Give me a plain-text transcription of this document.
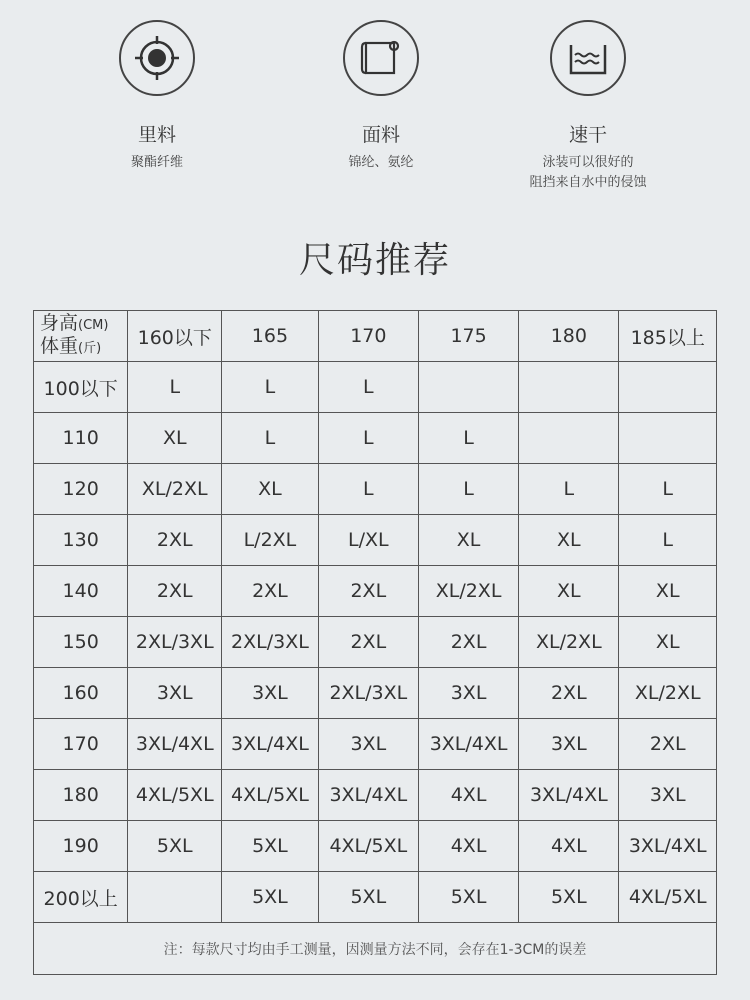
里料
聚酯纤维
面料
锦纶、氨纶
速干
泳装可以很好的
阻挡来自水中的侵蚀
尺码推荐
身高(CM)
体重(斤)	160以下	165	170	175	180	185以上
100以下	L	L	L			
110	XL	L	L	L		
120	XL/2XL	XL	L	L	L	L
130	2XL	L/2XL	L/XL	XL	XL	L
140	2XL	2XL	2XL	XL/2XL	XL	XL
150	2XL/3XL	2XL/3XL	2XL	2XL	XL/2XL	XL
160	3XL	3XL	2XL/3XL	3XL	2XL	XL/2XL
170	3XL/4XL	3XL/4XL	3XL	3XL/4XL	3XL	2XL
180	4XL/5XL	4XL/5XL	3XL/4XL	4XL	3XL/4XL	3XL
190	5XL	5XL	4XL/5XL	4XL	4XL	3XL/4XL
200以上		5XL	5XL	5XL	5XL	4XL/5XL
注：每款尺寸均由手工测量，因测量方法不同，会存在1-3CM的误差						
